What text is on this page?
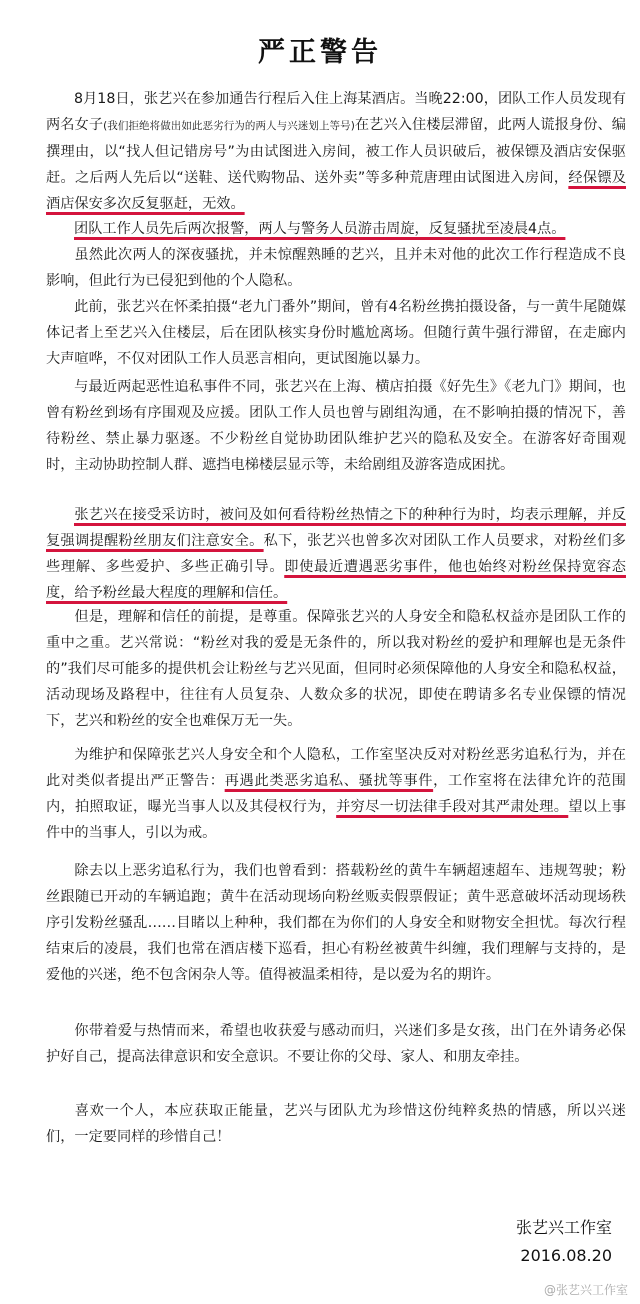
严正警告

8月18日，张艺兴在参加通告行程后入住上海某酒店。当晚22:00，团队工作人员发现有两名女子(我们拒绝将做出如此恶劣行为的两人与兴迷划上等号)在艺兴入住楼层滞留，此两人谎报身份、编撰理由，以“找人但记错房号”为由试图进入房间，被工作人员识破后，被保镖及酒店安保驱赶。之后两人先后以“送鞋、送代购物品、送外卖”等多种荒唐理由试图进入房间，经保镖及酒店保安多次反复驱赶，无效。

团队工作人员先后两次报警，两人与警务人员游击周旋，反复骚扰至凌晨4点。

虽然此次两人的深夜骚扰，并未惊醒熟睡的艺兴，且并未对他的此次工作行程造成不良影响，但此行为已侵犯到他的个人隐私。

此前，张艺兴在怀柔拍摄“老九门番外”期间，曾有4名粉丝携拍摄设备，与一黄牛尾随媒体记者上至艺兴入住楼层，后在团队核实身份时尴尬离场。但随行黄牛强行滞留，在走廊内大声喧哗，不仅对团队工作人员恶言相向，更试图施以暴力。

与最近两起恶性追私事件不同，张艺兴在上海、横店拍摄《好先生》《老九门》期间，也曾有粉丝到场有序围观及应援。团队工作人员也曾与剧组沟通，在不影响拍摄的情况下，善待粉丝、禁止暴力驱逐。不少粉丝自觉协助团队维护艺兴的隐私及安全。在游客好奇围观时，主动协助控制人群、遮挡电梯楼层显示等，未给剧组及游客造成困扰。

张艺兴在接受采访时，被问及如何看待粉丝热情之下的种种行为时，均表示理解，并反复强调提醒粉丝朋友们注意安全。私下，张艺兴也曾多次对团队工作人员要求，对粉丝们多些理解、多些爱护、多些正确引导。即使最近遭遇恶劣事件，他也始终对粉丝保持宽容态度，给予粉丝最大程度的理解和信任。

但是，理解和信任的前提，是尊重。保障张艺兴的人身安全和隐私权益亦是团队工作的重中之重。艺兴常说：“粉丝对我的爱是无条件的，所以我对粉丝的爱护和理解也是无条件的”我们尽可能多的提供机会让粉丝与艺兴见面，但同时必须保障他的人身安全和隐私权益，活动现场及路程中，往往有人员复杂、人数众多的状况，即使在聘请多名专业保镖的情况下，艺兴和粉丝的安全也难保万无一失。

为维护和保障张艺兴人身安全和个人隐私，工作室坚决反对对粉丝恶劣追私行为，并在此对类似者提出严正警告：再遇此类恶劣追私、骚扰等事件，工作室将在法律允许的范围内，拍照取证，曝光当事人以及其侵权行为，并穷尽一切法律手段对其严肃处理。望以上事件中的当事人，引以为戒。

除去以上恶劣追私行为，我们也曾看到：搭载粉丝的黄牛车辆超速超车、违规驾驶；粉丝跟随已开动的车辆追跑；黄牛在活动现场向粉丝贩卖假票假证；黄牛恶意破坏活动现场秩序引发粉丝骚乱……目睹以上种种，我们都在为你们的人身安全和财物安全担忧。每次行程结束后的凌晨，我们也常在酒店楼下巡看，担心有粉丝被黄牛纠缠，我们理解与支持的，是爱他的兴迷，绝不包含闲杂人等。值得被温柔相待，是以爱为名的期许。

你带着爱与热情而来，希望也收获爱与感动而归，兴迷们多是女孩，出门在外请务必保护好自己，提高法律意识和安全意识。不要让你的父母、家人、和朋友牵挂。

喜欢一个人，本应获取正能量，艺兴与团队尤为珍惜这份纯粹炙热的情感，所以兴迷们，一定要同样的珍惜自己！

张艺兴工作室
2016.08.20
@张艺兴工作室
